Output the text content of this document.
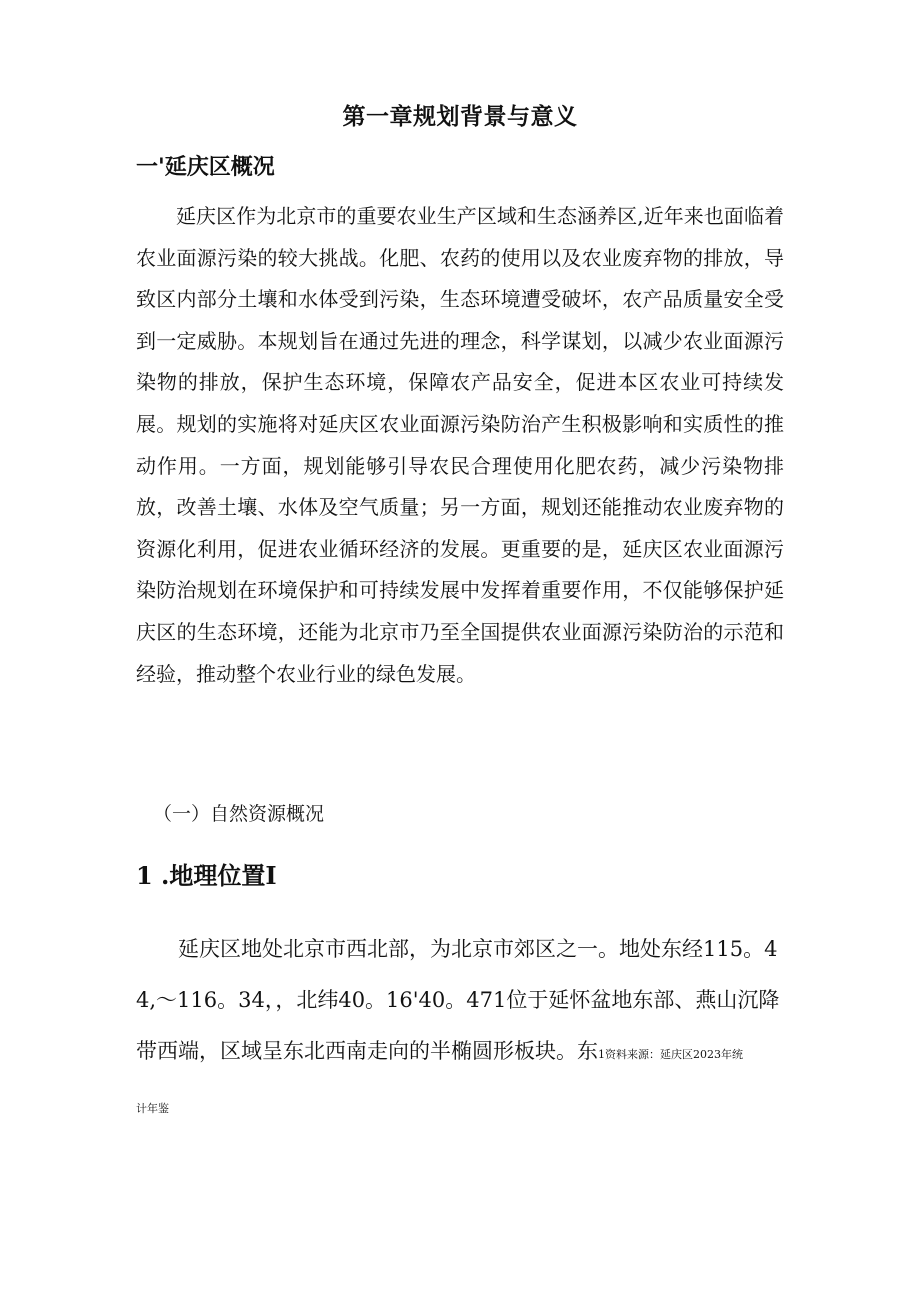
第一章规划背景与意义
一'延庆区概况

延庆区作为北京市的重要农业生产区域和生态涵养区,近年来也面临着农业面源污染的较大挑战。化肥、农药的使用以及农业废弃物的排放，导致区内部分土壤和水体受到污染，生态环境遭受破坏，农产品质量安全受到一定威胁。本规划旨在通过先进的理念，科学谋划，以减少农业面源污染物的排放，保护生态环境，保障农产品安全，促进本区农业可持续发展。规划的实施将对延庆区农业面源污染防治产生积极影响和实质性的推动作用。一方面，规划能够引导农民合理使用化肥农药，减少污染物排放，改善土壤、水体及空气质量；另一方面，规划还能推动农业废弃物的资源化利用，促进农业循环经济的发展。更重要的是，延庆区农业面源污染防治规划在环境保护和可持续发展中发挥着重要作用，不仅能够保护延庆区的生态环境，还能为北京市乃至全国提供农业面源污染防治的示范和经验，推动整个农业行业的绿色发展。

（一）自然资源概况
1 .地理位置I

延庆区地处北京市西北部，为北京市郊区之一。地处东经115。44,～116。34，，北纬40。16'40。471位于延怀盆地东部、燕山沉降带西端，区域呈东北西南走向的半椭圆形板块。东1资料来源：延庆区2023年统

计年鉴
